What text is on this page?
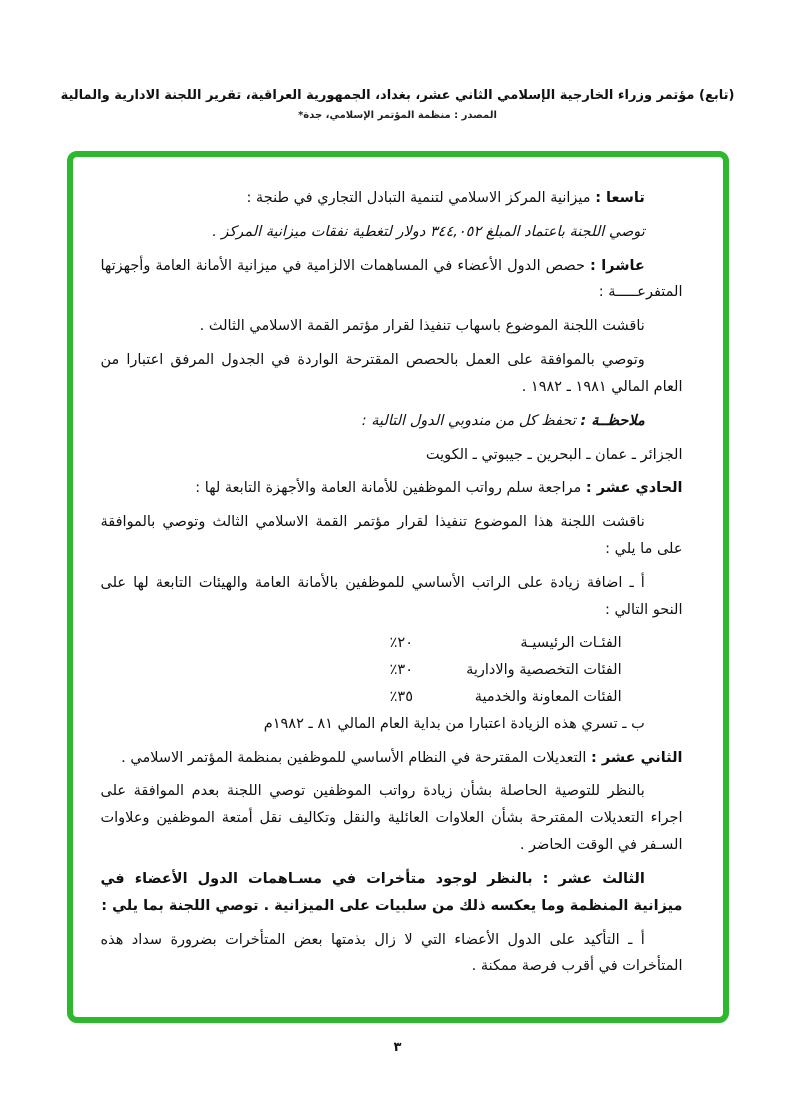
(تابع) مؤتمر وزراء الخارجية الإسلامي الثاني عشر، بغداد، الجمهورية العراقية، تقرير اللجنة الادارية والمالية
المصدر : منظمة المؤتمر الإسلامي، جدة*

تاسعا : ميزانية المركز الاسلامي لتنمية التبادل التجاري في طنجة :

توصي اللجنة باعتماد المبلغ ٣٤٤,٠٥٢ دولار لتغطية نفقات ميزانية المركز .

عاشرا : حصص الدول الأعضاء في المساهمات الالزامية في ميزانية الأمانة العامة وأجهزتها المتفرعـــــة :

ناقشت اللجنة الموضوع باسهاب تنفيذا لقرار مؤتمر القمة الاسلامي الثالث .

وتوصي بالموافقة على العمل بالحصص المقترحة الواردة في الجدول المرفق اعتبارا من العام المالي ١٩٨١ ـ ١٩٨٢ .

ملاحظــة : تحفظ كل من مندوبي الدول التالية :

الجزائر ـ عمان ـ البحرين ـ جيبوتي ـ الكويت

الحادي عشر : مراجعة سلم رواتب الموظفين للأمانة العامة والأجهزة التابعة لها :

ناقشت اللجنة هذا الموضوع تنفيذا لقرار مؤتمر القمة الاسلامي الثالث وتوصي بالموافقة على ما يلي :

أ ـ اضافة زيادة على الراتب الأساسي للموظفين بالأمانة العامة والهيئات التابعة لها على النحو التالي :

الفئـات الرئيسيـة
٢٠٪
الفئات التخصصية والادارية
٣٠٪
الفئات المعاونة والخدمية
٣٥٪

ب ـ تسري هذه الزيادة اعتبارا من بداية العام المالي ٨١ ـ ١٩٨٢م

الثاني عشر : التعديلات المقترحة في النظام الأساسي للموظفين بمنظمة المؤتمر الاسلامي .

بالنظر للتوصية الحاصلة بشأن زيادة رواتب الموظفين توصي اللجنة بعدم الموافقة على اجراء التعديلات المقترحة بشأن العلاوات العائلية والنقل وتكاليف نقل أمتعة الموظفين وعلاوات السـفر في الوقت الحاضر .

الثالث عشر : بالنظر لوجود متأخرات في مسـاهمات الدول الأعضاء في ميزانية المنظمة وما يعكسه ذلك من سلبيات على الميزانية . توصي اللجنة بما يلي :

أ ـ التأكيد على الدول الأعضاء التي لا زال بذمتها بعض المتأخرات بضرورة سداد هذه المتأخرات في أقرب فرصة ممكنة .

٣
